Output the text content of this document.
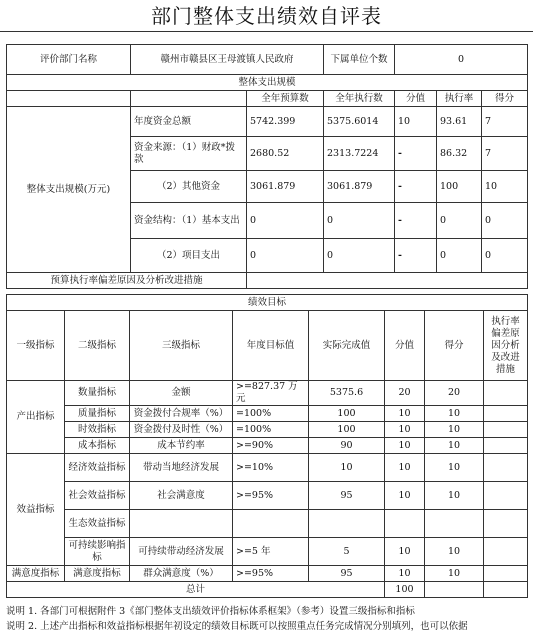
部门整体支出绩效自评表
评价部门名称	赣州市赣县区王母渡镇人民政府		下属单位个数	0		
整体支出规模						
		全年预算数	全年执行数	分值	执行率	得分
整体支出规模(万元)	年度资金总额	5742.399	5375.6014	10	93.61	7
	资金来源：（1）财政*拨款	2680.52	2313.7224	-	86.32	7
	（2）其他资金	3061.879	3061.879	-	100	10
	资金结构：（1）基本支出	0	0	-	0	0
	（2）项目支出	0	0	-	0	0
预算执行率偏差原因及分析改进措施						
绩效目标							
一级指标	二级指标	三级指标	年度目标值	实际完成值	分值	得分	执行率偏差原因分析及改进措施
产出指标	数量指标	金额	>=827.37 万元	5375.6	20	20	
	质量指标	资金拨付合规率（%）	=100%	100	10	10	
	时效指标	资金拨付及时性（%）	=100%	100	10	10	
	成本指标	成本节约率	>=90%	90	10	10	
效益指标	经济效益指标	带动当地经济发展	>=10%	10	10	10	
	社会效益指标	社会满意度	>=95%	95	10	10	
	生态效益指标						
	可持续影响指标	可持续带动经济发展	>=5 年	5	10	10	
满意度指标	满意度指标	群众满意度（%）	>=95%	95	10	10	
总计					100		
说明 1. 各部门可根据附件 3《部门整体支出绩效评价指标体系框架》（参考）设置三级指标和指标
说明 2. 上述产出指标和效益指标根据年初设定的绩效目标既可以按照重点任务完成情况分别填列，也可以依据
